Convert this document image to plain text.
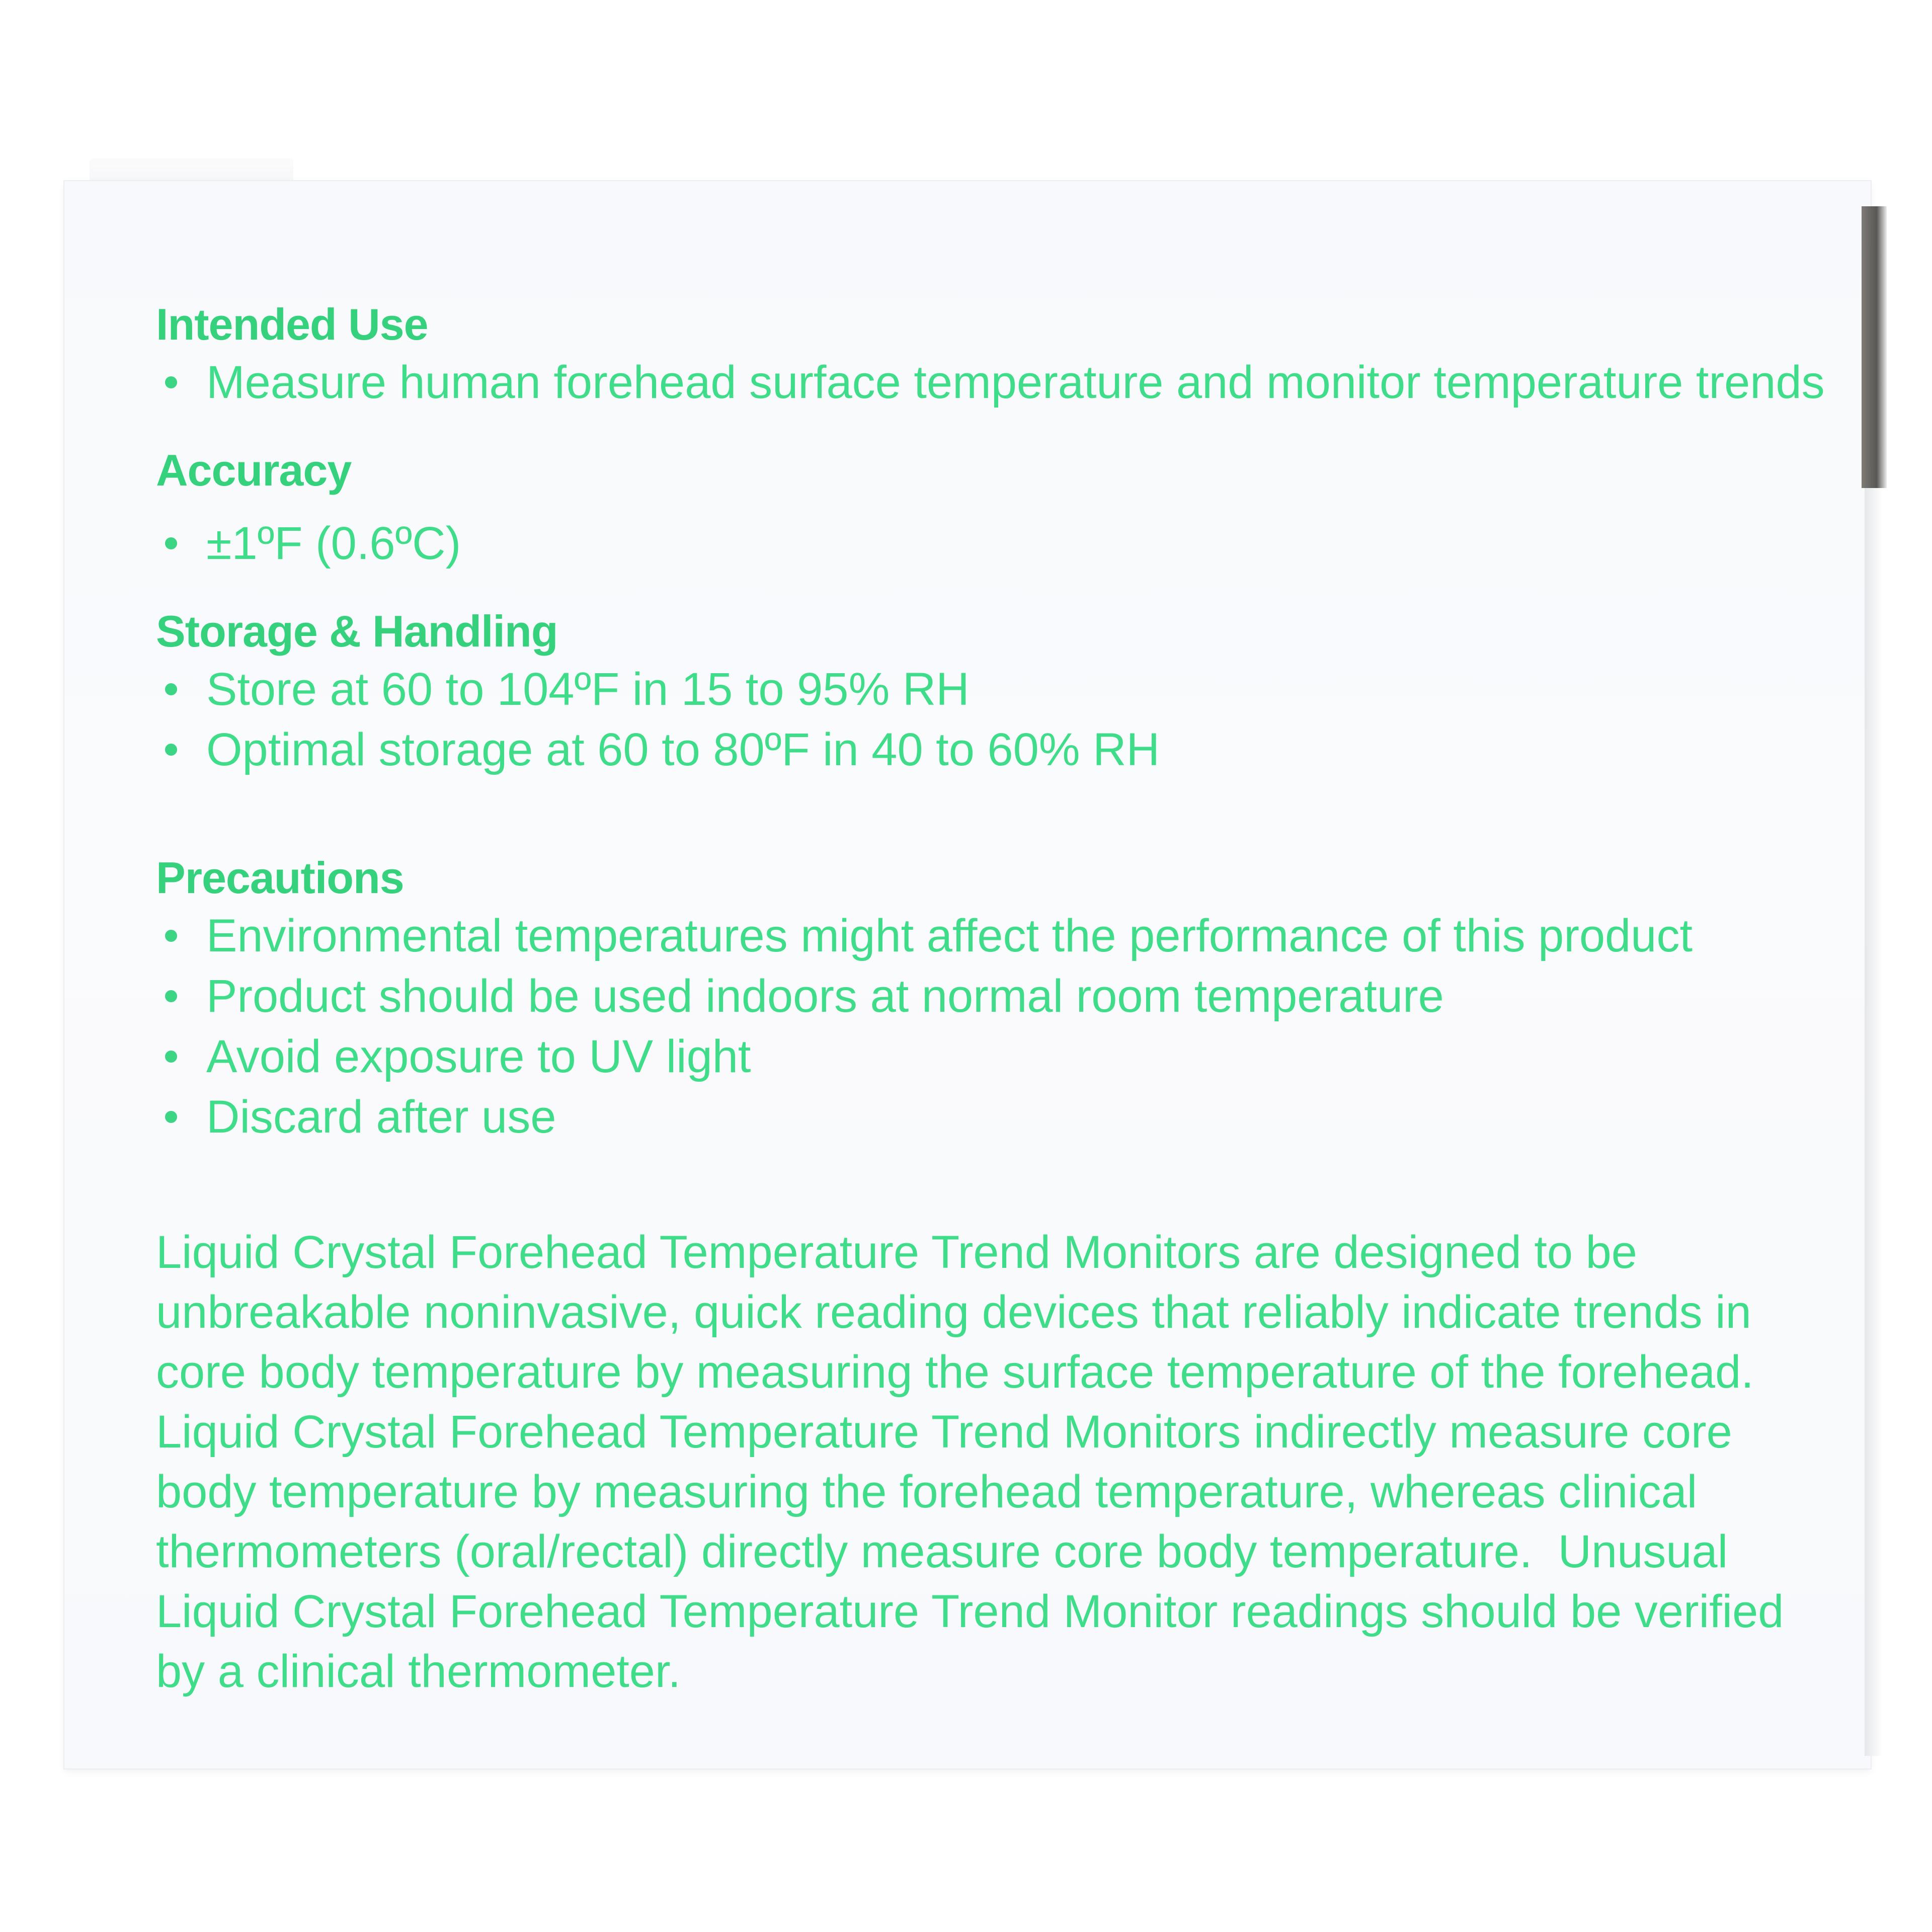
Intended Use
Measure human forehead surface temperature and monitor temperature trends
Accuracy
±1ºF (0.6ºC)
Storage & Handling
Store at 60 to 104ºF in 15 to 95% RH
Optimal storage at 60 to 80ºF in 40 to 60% RH
Precautions
Environmental temperatures might affect the performance of this product
Product should be used indoors at normal room temperature
Avoid exposure to UV light
Discard after use

Liquid Crystal Forehead Temperature Trend Monitors are designed to be
unbreakable noninvasive, quick reading devices that reliably indicate trends in
core body temperature by measuring the surface temperature of the forehead.
Liquid Crystal Forehead Temperature Trend Monitors indirectly measure core
body temperature by measuring the forehead temperature, whereas clinical
thermometers (oral/rectal) directly measure core body temperature.  Unusual
Liquid Crystal Forehead Temperature Trend Monitor readings should be verified
by a clinical thermometer.
